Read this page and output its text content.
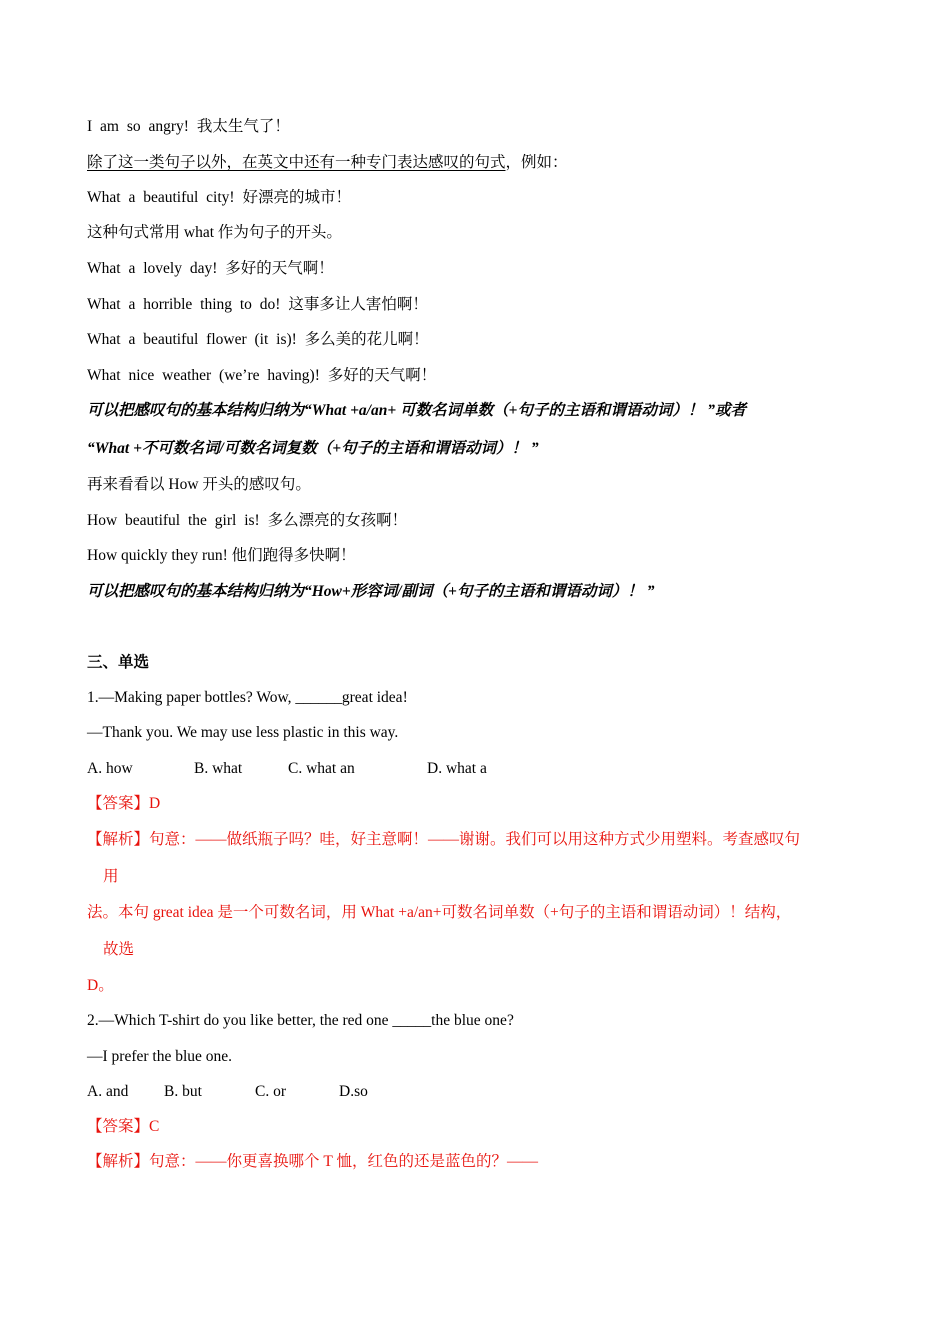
I am so angry! 我太生气了！
除了这一类句子以外，在英文中还有一种专门表达感叹的句式，例如：
What a beautiful city! 好漂亮的城市！
这种句式常用 what 作为句子的开头。
What a lovely day! 多好的天气啊！
What a horrible thing to do! 这事多让人害怕啊！
What a beautiful flower (it is)! 多么美的花儿啊！
What nice weather (we’re having)! 多好的天气啊！
可以把感叹句的基本结构归纳为“What +a/an+ 可数名词单数（+句子的主语和谓语动词）！ ”或者
“What +不可数名词/可数名词复数（+句子的主语和谓语动词）！ ”
再来看看以 How 开头的感叹句。
How beautiful the girl is! 多么漂亮的女孩啊！
How quickly they run! 他们跑得多快啊！
可以把感叹句的基本结构归纳为“How+形容词/副词（+句子的主语和谓语动词）！ ”
三、单选
1.—Making paper bottles? Wow, ______great idea!
—Thank you. We may use less plastic in this way.
A. how	B. what	C. what an	D. what a
【答案】D
【解析】句意：——做纸瓶子吗？哇，好主意啊！——谢谢。我们可以用这种方式少用塑料。考查感叹句
用
法。本句 great idea 是一个可数名词，用 What +a/an+可数名词单数（+句子的主语和谓语动词）！结构，
故选
D。
2.—Which T-shirt do you like better, the red one _____the blue one?
—I prefer the blue one.
A. and B. but	C. or	D.so
【答案】C
【解析】句意：——你更喜换哪个 T 恤，红色的还是蓝色的？——
